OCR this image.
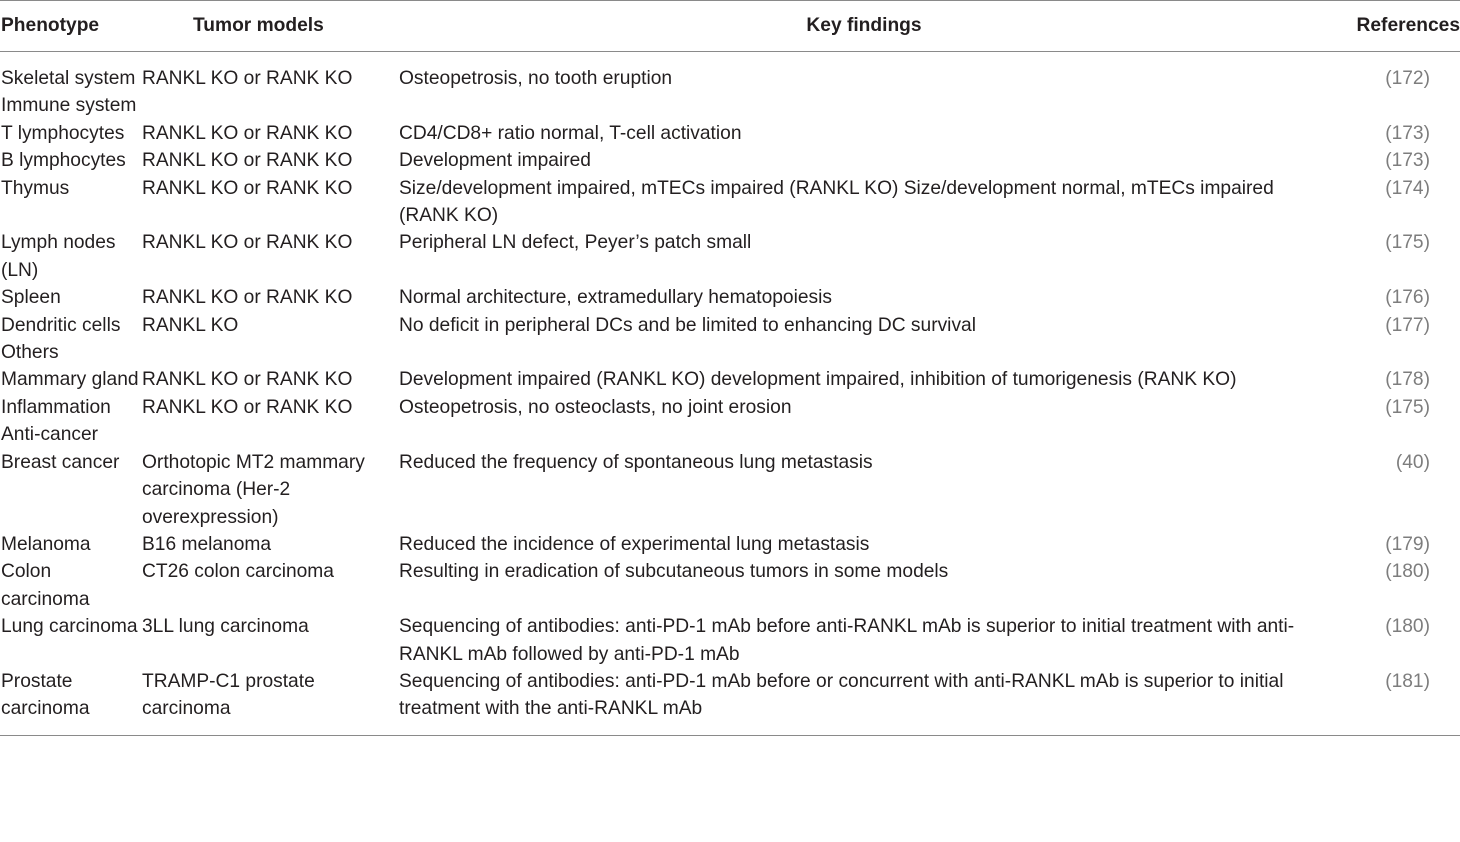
Phenotype	Tumor models	Key findings	References
Skeletal system	RANKL KO or RANK KO	Osteopetrosis, no tooth eruption	(172)
Immune system			
T lymphocytes	RANKL KO or RANK KO	CD4/CD8+ ratio normal, T-cell activation	(173)
B lymphocytes	RANKL KO or RANK KO	Development impaired	(173)
Thymus	RANKL KO or RANK KO	Size/development impaired, mTECs impaired (RANKL KO) Size/development normal, mTECs impaired (RANK KO)	(174)
Lymph nodes (LN)	RANKL KO or RANK KO	Peripheral LN defect, Peyer’s patch small	(175)
Spleen	RANKL KO or RANK KO	Normal architecture, extramedullary hematopoiesis	(176)
Dendritic cells	RANKL KO	No deficit in peripheral DCs and be limited to enhancing DC survival	(177)
Others			
Mammary gland	RANKL KO or RANK KO	Development impaired (RANKL KO) development impaired, inhibition of tumorigenesis (RANK KO)	(178)
Inflammation	RANKL KO or RANK KO	Osteopetrosis, no osteoclasts, no joint erosion	(175)
Anti-cancer			
Breast cancer	Orthotopic MT2 mammary carcinoma (Her-2 overexpression)	Reduced the frequency of spontaneous lung metastasis	(40)
Melanoma	B16 melanoma	Reduced the incidence of experimental lung metastasis	(179)
Colon carcinoma	CT26 colon carcinoma	Resulting in eradication of subcutaneous tumors in some models	(180)
Lung carcinoma	3LL lung carcinoma	Sequencing of antibodies: anti-PD-1 mAb before anti-RANKL mAb is superior to initial treatment with anti-RANKL mAb followed by anti-PD-1 mAb	(180)
Prostate carcinoma	TRAMP-C1 prostate carcinoma	Sequencing of antibodies: anti-PD-1 mAb before or concurrent with anti-RANKL mAb is superior to initial treatment with the anti-RANKL mAb	(181)
